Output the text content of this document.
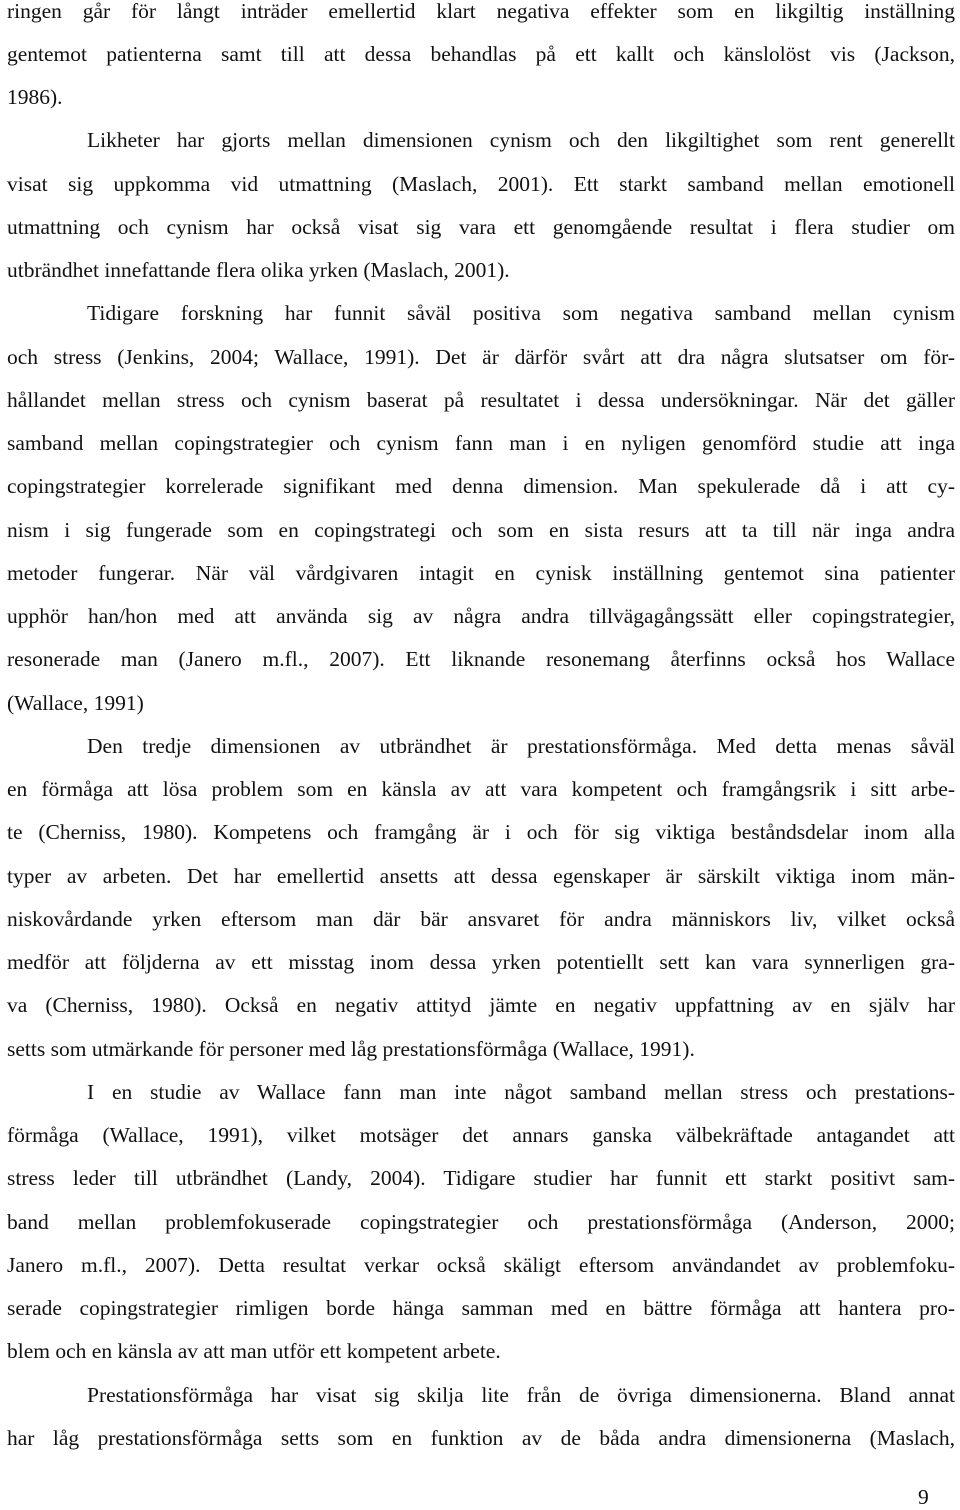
ringen går för långt inträder emellertid klart negativa effekter som en likgiltig inställning
gentemot patienterna samt till att dessa behandlas på ett kallt och känslolöst vis (Jackson,
1986).
Likheter har gjorts mellan dimensionen cynism och den likgiltighet som rent generellt
visat sig uppkomma vid utmattning (Maslach, 2001). Ett starkt samband mellan emotionell
utmattning och cynism har också visat sig vara ett genomgående resultat i flera studier om
utbrändhet innefattande flera olika yrken (Maslach, 2001).
Tidigare forskning har funnit såväl positiva som negativa samband mellan cynism
och stress (Jenkins, 2004; Wallace, 1991). Det är därför svårt att dra några slutsatser om för-
hållandet mellan stress och cynism baserat på resultatet i dessa undersökningar. När det gäller
samband mellan copingstrategier och cynism fann man i en nyligen genomförd studie att inga
copingstrategier korrelerade signifikant med denna dimension. Man spekulerade då i att cy-
nism i sig fungerade som en copingstrategi och som en sista resurs att ta till när inga andra
metoder fungerar. När väl vårdgivaren intagit en cynisk inställning gentemot sina patienter
upphör han/hon med att använda sig av några andra tillvägagångssätt eller copingstrategier,
resonerade man (Janero m.fl., 2007). Ett liknande resonemang återfinns också hos Wallace
(Wallace, 1991)
Den tredje dimensionen av utbrändhet är prestationsförmåga. Med detta menas såväl
en förmåga att lösa problem som en känsla av att vara kompetent och framgångsrik i sitt arbe-
te (Cherniss, 1980). Kompetens och framgång är i och för sig viktiga beståndsdelar inom alla
typer av arbeten. Det har emellertid ansetts att dessa egenskaper är särskilt viktiga inom män-
niskovårdande yrken eftersom man där bär ansvaret för andra människors liv, vilket också
medför att följderna av ett misstag inom dessa yrken potentiellt sett kan vara synnerligen gra-
va (Cherniss, 1980). Också en negativ attityd jämte en negativ uppfattning av en själv har
setts som utmärkande för personer med låg prestationsförmåga (Wallace, 1991).
I en studie av Wallace fann man inte något samband mellan stress och prestations-
förmåga (Wallace, 1991), vilket motsäger det annars ganska välbekräftade antagandet att
stress leder till utbrändhet (Landy, 2004). Tidigare studier har funnit ett starkt positivt sam-
band mellan problemfokuserade copingstrategier och prestationsförmåga (Anderson, 2000;
Janero m.fl., 2007). Detta resultat verkar också skäligt eftersom användandet av problemfoku-
serade copingstrategier rimligen borde hänga samman med en bättre förmåga att hantera pro-
blem och en känsla av att man utför ett kompetent arbete.
Prestationsförmåga har visat sig skilja lite från de övriga dimensionerna. Bland annat
har låg prestationsförmåga setts som en funktion av de båda andra dimensionerna (Maslach,
9
